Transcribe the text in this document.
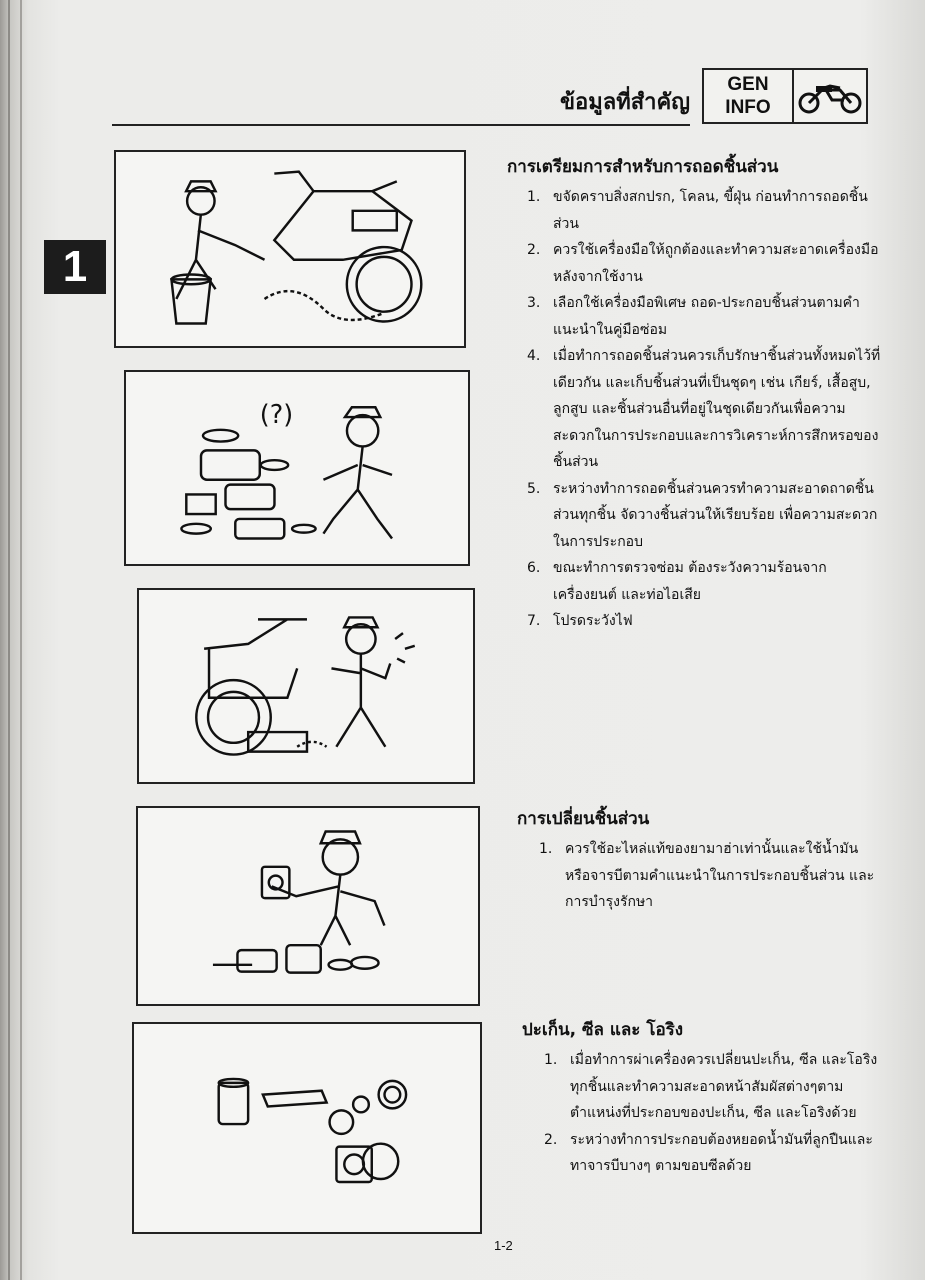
ข้อมูลที่สำคัญ
GEN
INFO
1
(?)
การเตรียมการสำหรับการถอดชิ้นส่วน
1. ขจัดคราบสิ่งสกปรก, โคลน, ขี้ฝุ่น ก่อนทำการถอดชิ้นส่วน
2. ควรใช้เครื่องมือให้ถูกต้องและทำความสะอาดเครื่องมือหลังจากใช้งาน
3. เลือกใช้เครื่องมือพิเศษ ถอด-ประกอบชิ้นส่วนตามคำแนะนำในคู่มือซ่อม
4. เมื่อทำการถอดชิ้นส่วนควรเก็บรักษาชิ้นส่วนทั้งหมดไว้ที่เดียวกัน และเก็บชิ้นส่วนที่เป็นชุดๆ เช่น เกียร์, เสื้อสูบ, ลูกสูบ และชิ้นส่วนอื่นที่อยู่ในชุดเดียวกันเพื่อความสะดวกในการประกอบและการวิเคราะห์การสึกหรอของชิ้นส่วน
5. ระหว่างทำการถอดชิ้นส่วนควรทำความสะอาดถาดชิ้นส่วนทุกชิ้น จัดวางชิ้นส่วนให้เรียบร้อย เพื่อความสะดวกในการประกอบ
6. ขณะทำการตรวจซ่อม ต้องระวังความร้อนจากเครื่องยนต์ และท่อไอเสีย
7. โปรดระวังไฟ
การเปลี่ยนชิ้นส่วน
1. ควรใช้อะไหล่แท้ของยามาฮ่าเท่านั้นและใช้น้ำมันหรือจารบีตามคำแนะนำในการประกอบชิ้นส่วน และการบำรุงรักษา
ปะเก็น, ซีล และ โอริง
1. เมื่อทำการผ่าเครื่องควรเปลี่ยนปะเก็น, ซีล และโอริงทุกชิ้นและทำความสะอาดหน้าสัมผัสต่างๆตามตำแหน่งที่ประกอบของปะเก็น, ซีล และโอริงด้วย
2. ระหว่างทำการประกอบต้องหยอดน้ำมันที่ลูกปืนและทาจารบีบางๆ ตามขอบซีลด้วย
1-2
